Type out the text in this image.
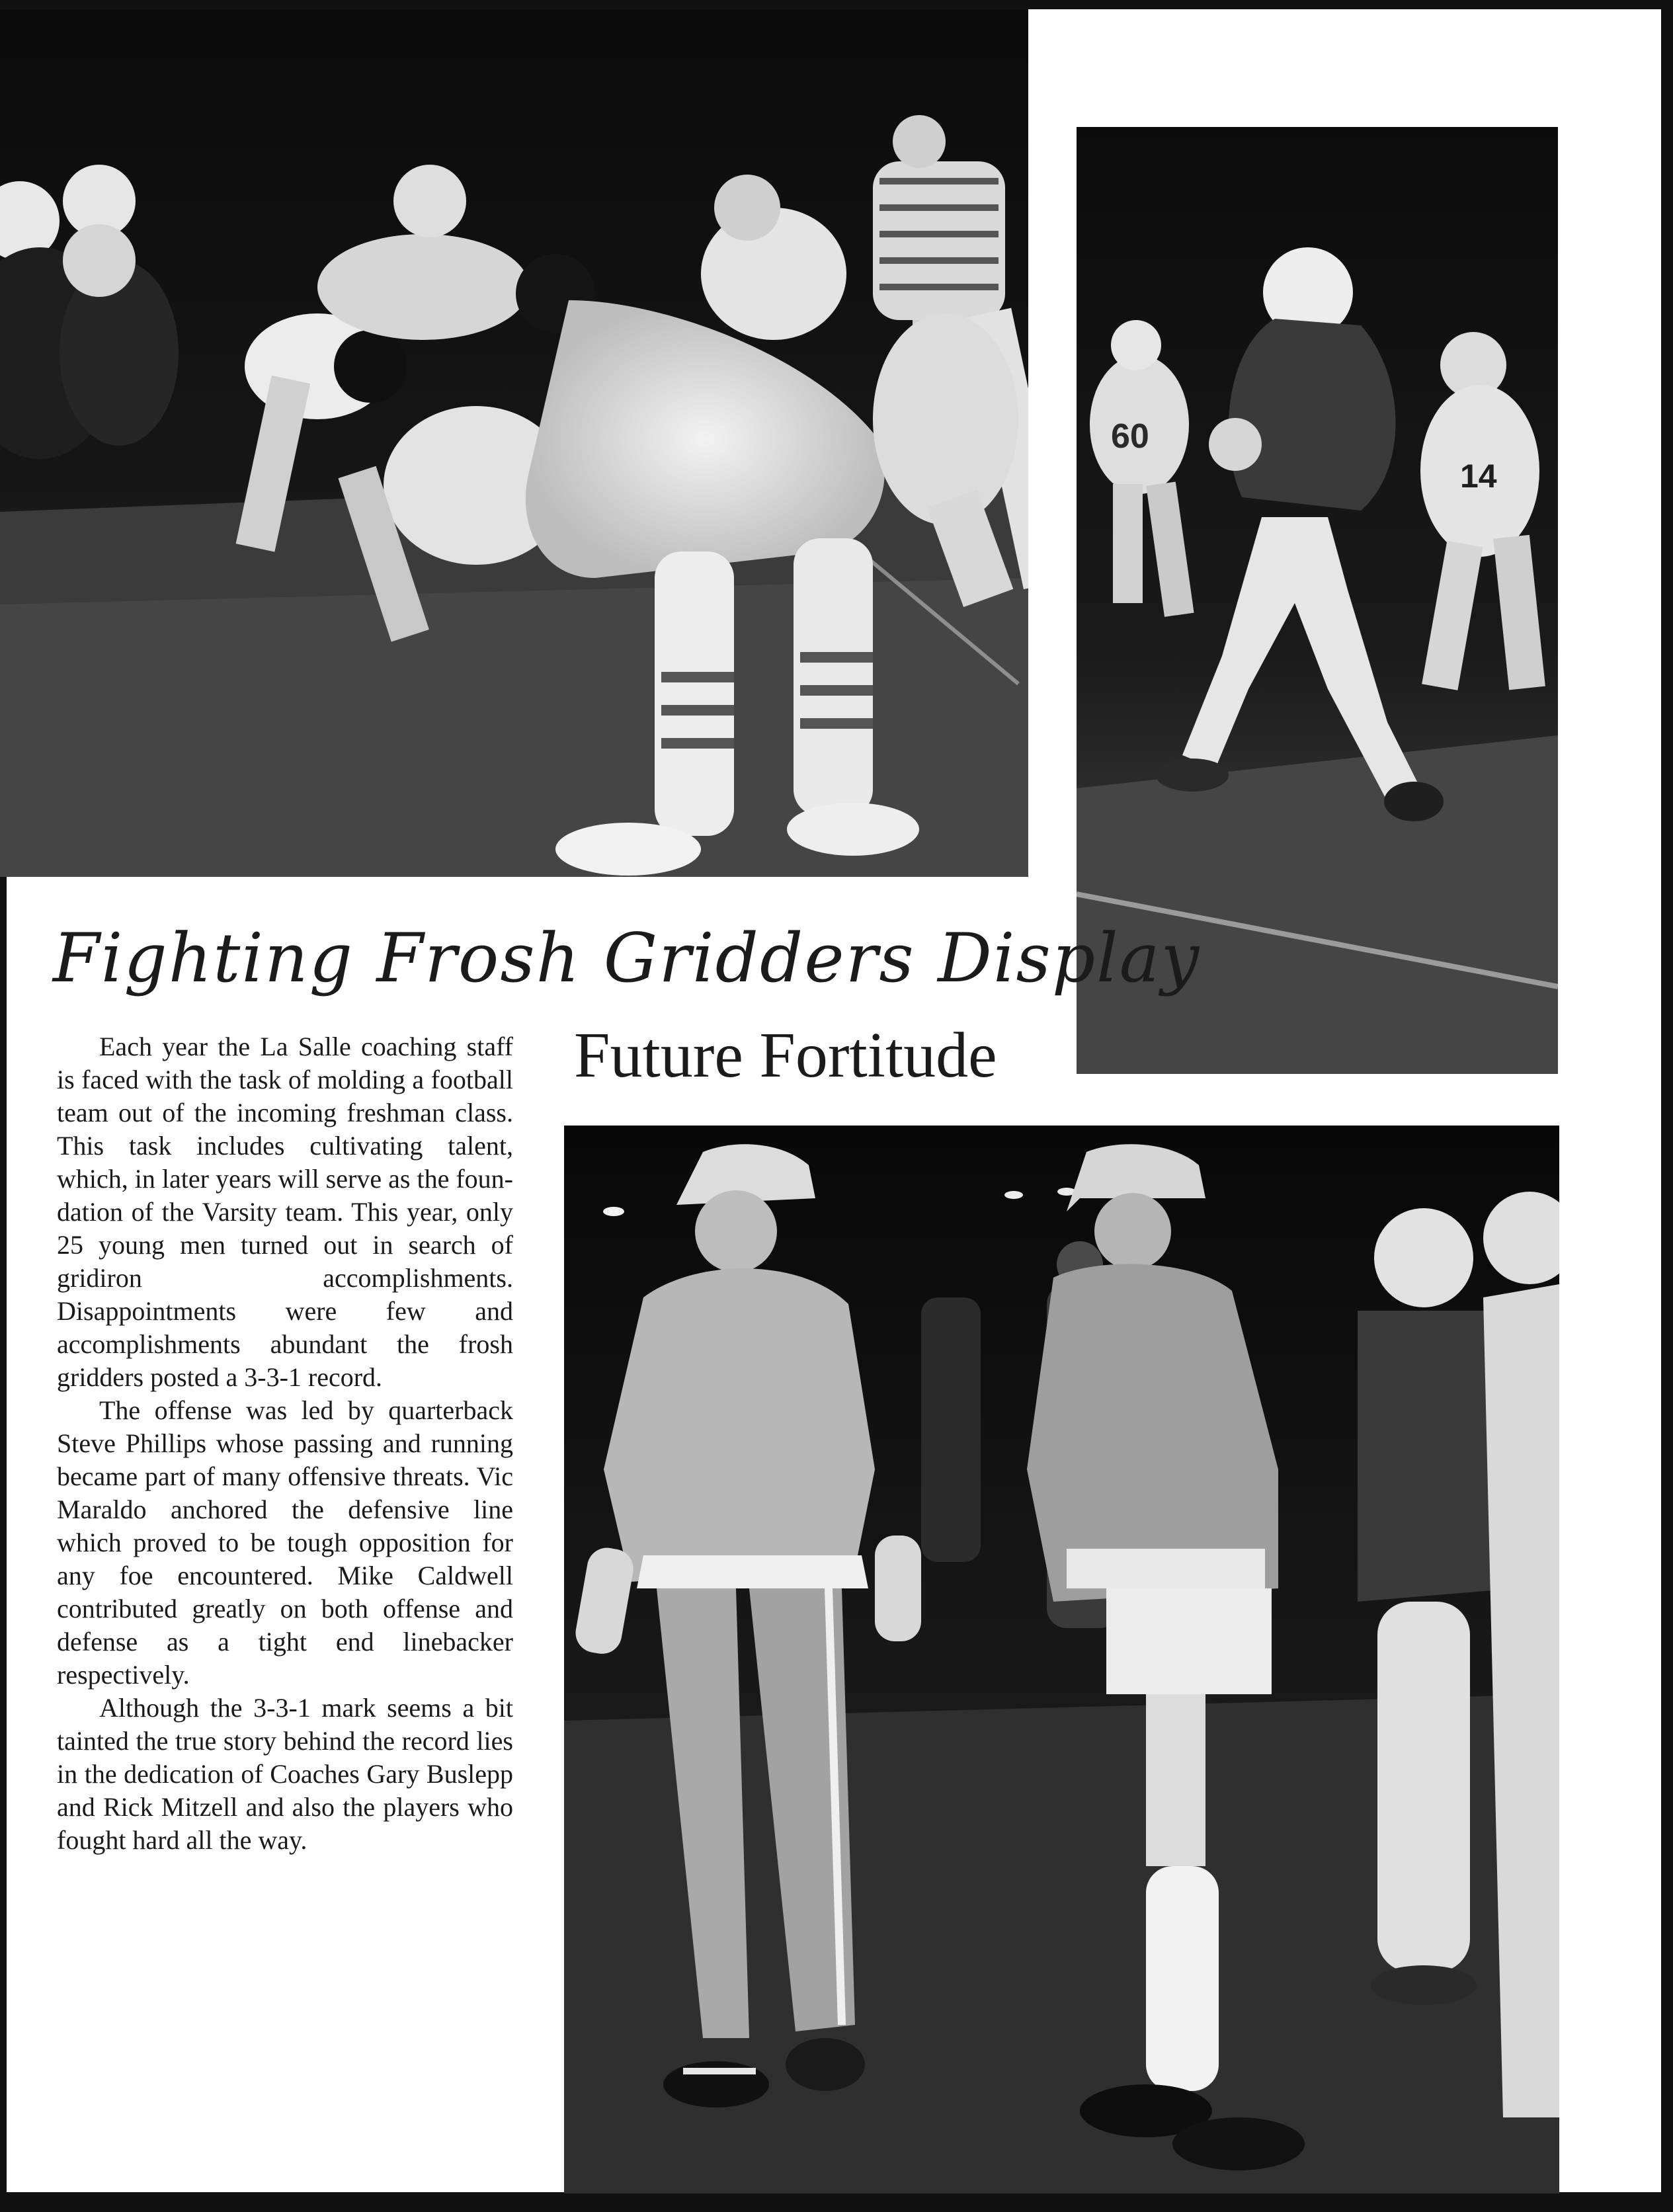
60
14
Fighting Frosh Gridders Display
Future Fortitude

Each year the La Salle coaching staff is faced with the task of molding a football team out of the incoming freshman class. This task includes cultivating talent, which, in later years will serve as the foundation of the Varsity team. This year, only 25 young men turned out in search of gridiron accomplishments. Disappointments were few and accomplishments abundant the frosh gridders posted a 3-3-1 record.

The offense was led by quarterback Steve Phillips whose passing and running became part of many offensive threats. Vic Maraldo anchored the defensive line which proved to be tough opposition for any foe encountered. Mike Caldwell contributed greatly on both offense and defense as a tight end linebacker respectively.

Although the 3-3-1 mark seems a bit tainted the true story behind the record lies in the dedication of Coaches Gary Buslepp and Rick Mitzell and also the players who fought hard all the way.
